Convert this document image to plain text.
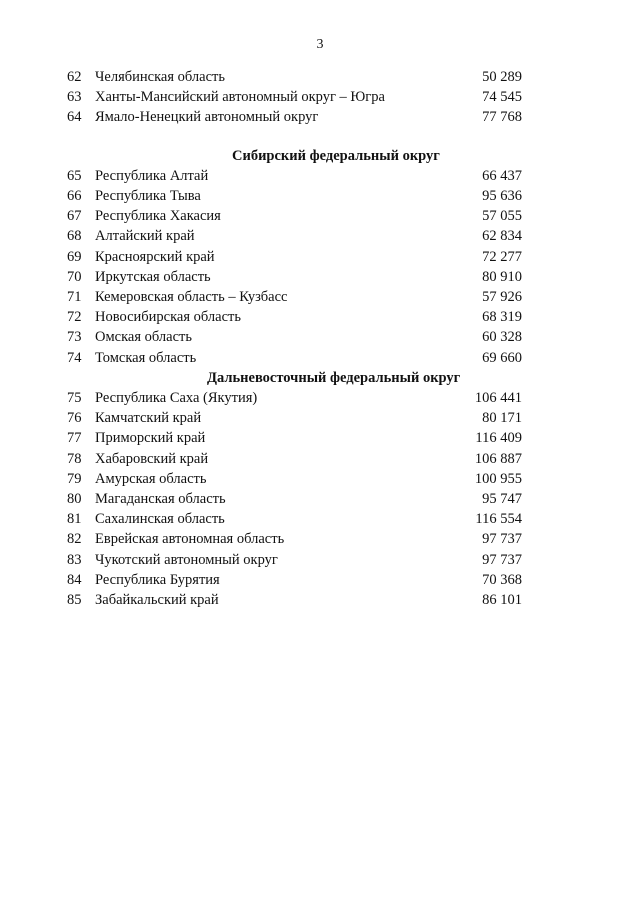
3
62 Челябинская область	50 289
63 Ханты-Мансийский автономный округ – Югра	74 545
64 Ямало-Ненецкий автономный округ	77 768
Сибирский федеральный округ
65 Республика Алтай	66 437
66 Республика Тыва	95 636
67 Республика Хакасия	57 055
68 Алтайский край	62 834
69 Красноярский край	72 277
70 Иркутская область	80 910
71 Кемеровская область – Кузбасс	57 926
72 Новосибирская область	68 319
73 Омская область	60 328
74 Томская область	69 660
Дальневосточный федеральный округ
75 Республика Саха (Якутия)	106 441
76 Камчатский край	80 171
77 Приморский край	116 409
78 Хабаровский край	106 887
79 Амурская область	100 955
80 Магаданская область	95 747
81 Сахалинская область	116 554
82 Еврейская автономная область	97 737
83 Чукотский автономный округ	97 737
84 Республика Бурятия	70 368
85 Забайкальский край	86 101
